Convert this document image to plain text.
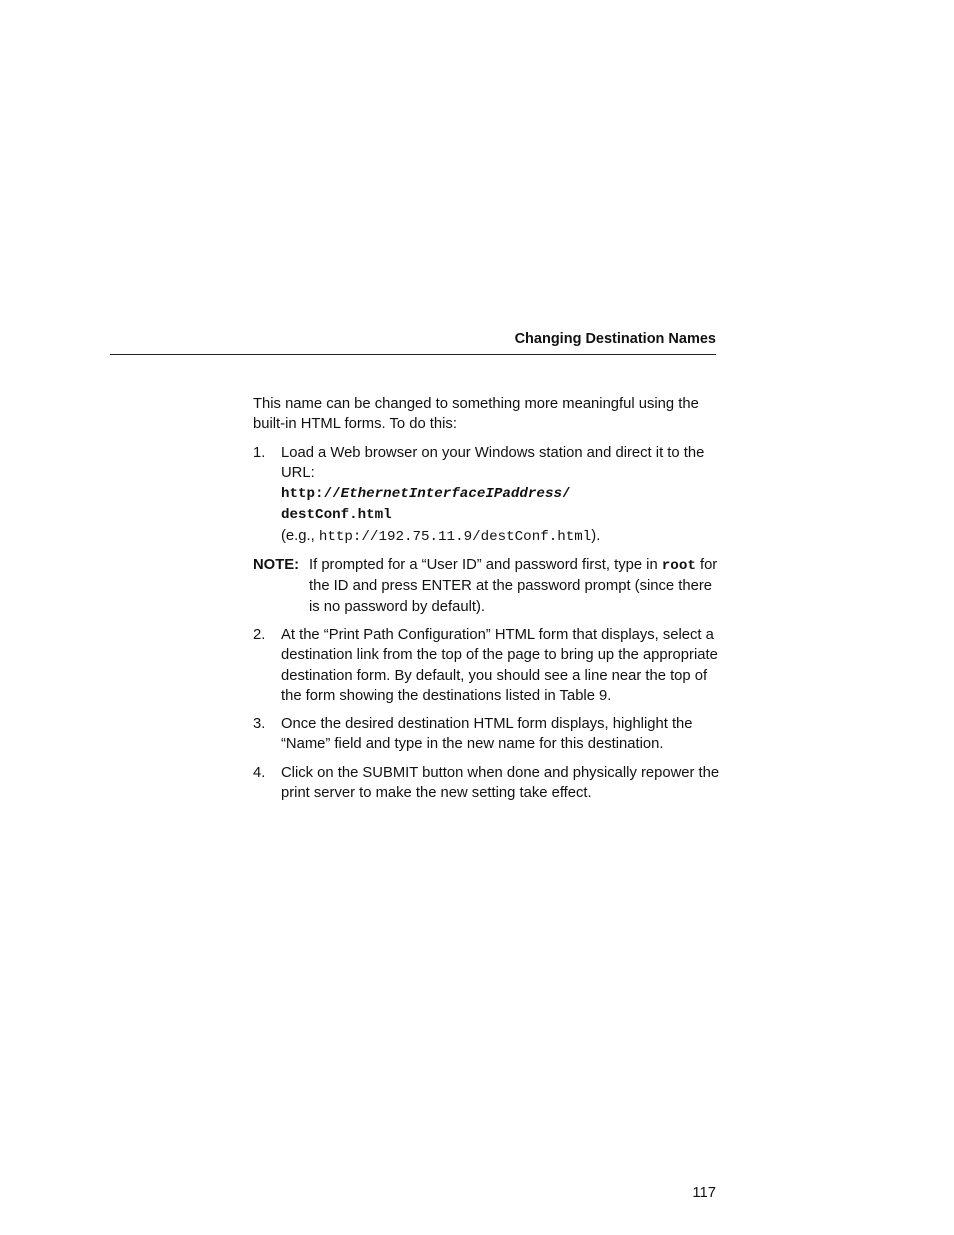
Changing Destination Names

This name can be changed to something more meaningful using the built-in HTML forms. To do this:

1. Load a Web browser on your Windows station and direct it to the URL:
http://EthernetInterfaceIPaddress/
destConf.html
(e.g., http://192.75.11.9/destConf.html).
NOTE: If prompted for a “User ID” and password first, type in root for the ID and press ENTER at the password prompt (since there is no password by default).
2. At the “Print Path Configuration” HTML form that displays, select a destination link from the top of the page to bring up the appropriate destination form. By default, you should see a line near the top of the form showing the destinations listed in Table 9.
3. Once the desired destination HTML form displays, highlight the “Name” field and type in the new name for this destination.
4. Click on the SUBMIT button when done and physically repower the print server to make the new setting take effect.
117
